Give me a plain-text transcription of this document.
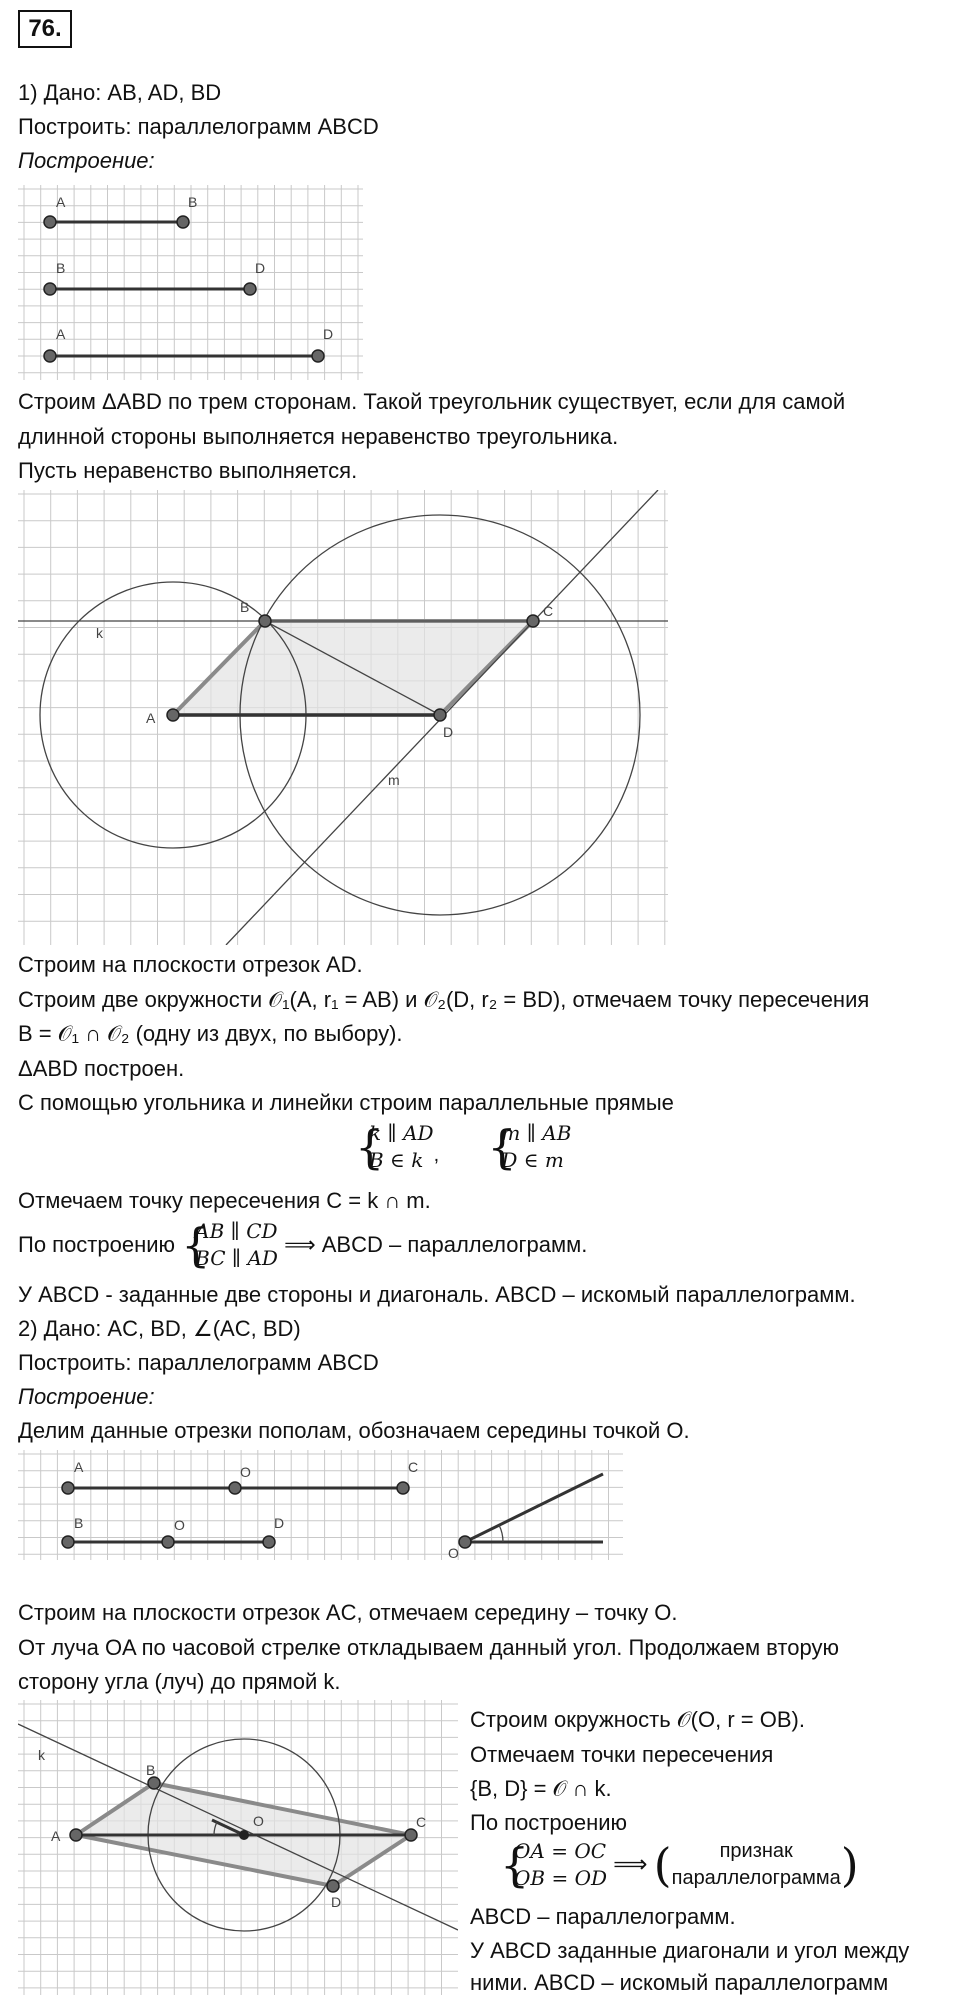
76.
1) Дано: AB, AD, BD
Построить: параллелограмм ABCD
Построение:
A	B
B	D
A	D
Строим ΔABD по трем сторонам. Такой треугольник существует, если для самой
длинной стороны выполняется неравенство треугольника.
Пусть неравенство выполняется.
k
m
A
B	C
D
Строим на плоскости отрезок AD.
Строим две окружности 𝒪₁(A, r₁ = AB) и 𝒪₂(D, r₂ = BD), отмечаем точку пересечения
B = 𝒪₁ ∩ 𝒪₂ (одну из двух, по выбору).
ΔABD построен.
С помощью угольника и линейки строим параллельные прямые
{
k ∥ AD
B ∈ k , {
m ∥ AB
D ∈ m
Отмечаем точку пересечения C = k ∩ m.
По построению {
AB ∥ CD
BC ∥ AD
⟹ ABCD – параллелограмм.
У ABCD - заданные две стороны и диагональ. ABCD – искомый параллелограмм.
2) Дано: AC, BD, ∠(AC, BD)
Построить: параллелограмм ABCD
Построение:
Делим данные отрезки пополам, обозначаем середины точкой O.
A	O	C
B	O	D
O
Строим на плоскости отрезок AC, отмечаем середину – точку O.
От луча OA по часовой стрелке откладываем данный угол. Продолжаем вторую
сторону угла (луч) до прямой k.
k
A
B
C
D
O
Строим окружность 𝒪(O, r = OB).
Отмечаем точки пересечения
{B, D} = 𝒪 ∩ k.
По построению
{
OA = OC
OB = OD ⟹ (	признак
параллелограмма )
ABCD – параллелограмм.
У ABCD заданные диагонали и угол между
ними. ABCD – искомый параллелограмм
